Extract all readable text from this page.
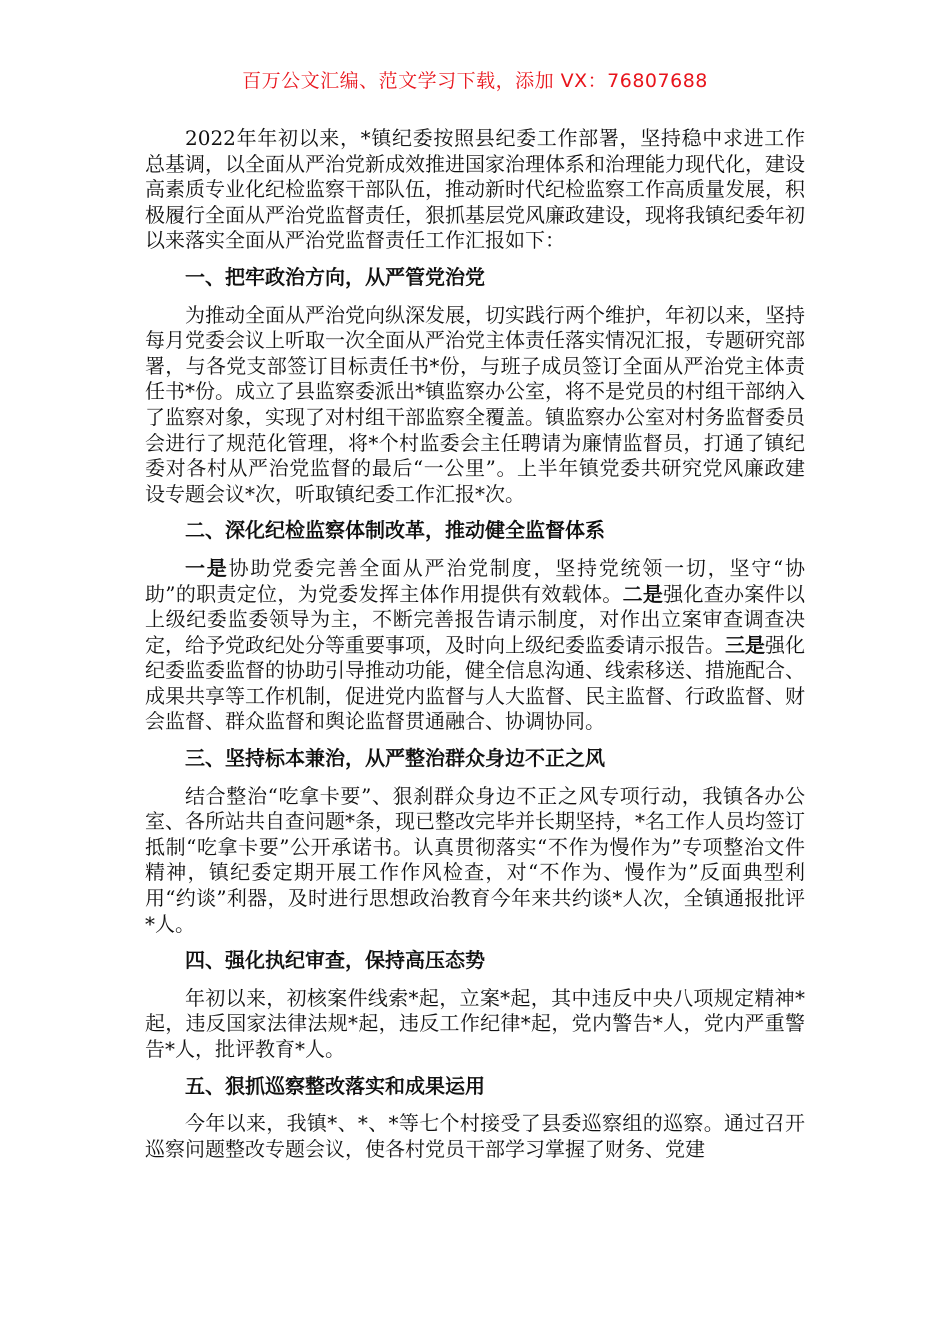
百万公文汇编、范文学习下载，添加 VX：76807688

2022年年初以来，*镇纪委按照县纪委工作部署，坚持稳中求进工作总基调，以全面从严治党新成效推进国家治理体系和治理能力现代化，建设高素质专业化纪检监察干部队伍，推动新时代纪检监察工作高质量发展，积极履行全面从严治党监督责任，狠抓基层党风廉政建设，现将我镇纪委年初以来落实全面从严治党监督责任工作汇报如下：

一、把牢政治方向，从严管党治党

为推动全面从严治党向纵深发展，切实践行两个维护，年初以来，坚持每月党委会议上听取一次全面从严治党主体责任落实情况汇报，专题研究部署，与各党支部签订目标责任书*份，与班子成员签订全面从严治党主体责任书*份。成立了县监察委派出*镇监察办公室，将不是党员的村组干部纳入了监察对象，实现了对村组干部监察全覆盖。镇监察办公室对村务监督委员会进行了规范化管理，将*个村监委会主任聘请为廉情监督员，打通了镇纪委对各村从严治党监督的最后“一公里”。上半年镇党委共研究党风廉政建设专题会议*次，听取镇纪委工作汇报*次。

二、深化纪检监察体制改革，推动健全监督体系

一是协助党委完善全面从严治党制度，坚持党统领一切，坚守“协助”的职责定位，为党委发挥主体作用提供有效载体。二是强化查办案件以上级纪委监委领导为主，不断完善报告请示制度，对作出立案审查调查决定，给予党政纪处分等重要事项，及时向上级纪委监委请示报告。三是强化纪委监委监督的协助引导推动功能，健全信息沟通、线索移送、措施配合、成果共享等工作机制，促进党内监督与人大监督、民主监督、行政监督、财会监督、群众监督和舆论监督贯通融合、协调协同。

三、坚持标本兼治，从严整治群众身边不正之风

结合整治“吃拿卡要”、狠刹群众身边不正之风专项行动，我镇各办公室、各所站共自查问题*条，现已整改完毕并长期坚持，*名工作人员均签订抵制“吃拿卡要”公开承诺书。认真贯彻落实“不作为慢作为”专项整治文件精神，镇纪委定期开展工作作风检查，对“不作为、慢作为”反面典型利用“约谈”利器，及时进行思想政治教育今年来共约谈*人次，全镇通报批评*人。

四、强化执纪审查，保持高压态势

年初以来，初核案件线索*起，立案*起，其中违反中央八项规定精神*起，违反国家法律法规*起，违反工作纪律*起，党内警告*人，党内严重警告*人，批评教育*人。

五、狠抓巡察整改落实和成果运用

今年以来，我镇*、*、*等七个村接受了县委巡察组的巡察。通过召开巡察问题整改专题会议，使各村党员干部学习掌握了财务、党建
